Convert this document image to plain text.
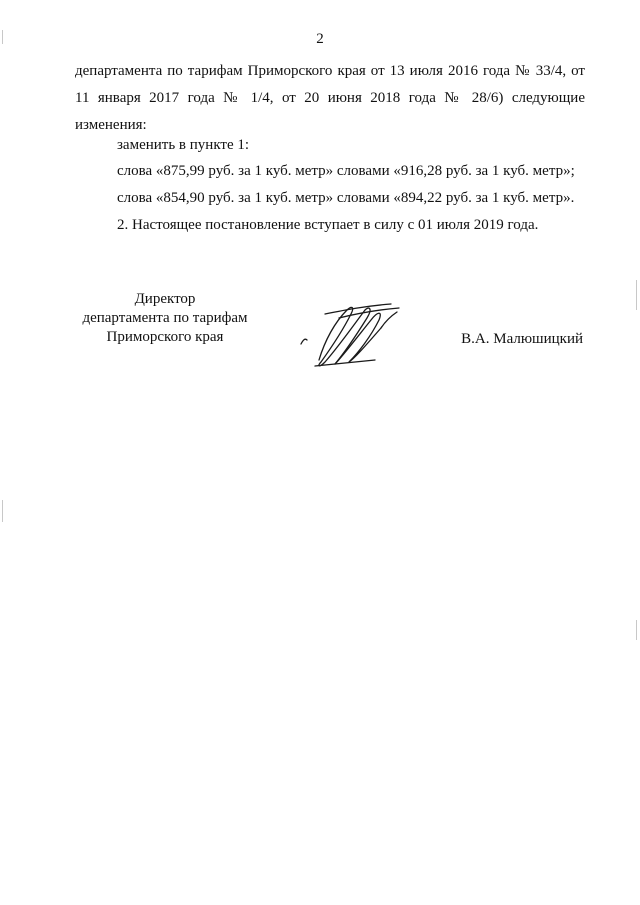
2
департамента по тарифам Приморского края от 13 июля 2016 года № 33/4, от
11 января 2017 года № 1/4, от 20 июня 2018 года № 28/6) следующие
изменения:
заменить в пункте 1:
слова «875,99 руб. за 1 куб. метр» словами «916,28 руб. за 1 куб. метр»;
слова «854,90 руб. за 1 куб. метр» словами «894,22 руб. за 1 куб. метр».
2. Настоящее постановление вступает в силу с 01 июля 2019 года.
Директор
департамента по тарифам
Приморского края	В.А. Малюшицкий
